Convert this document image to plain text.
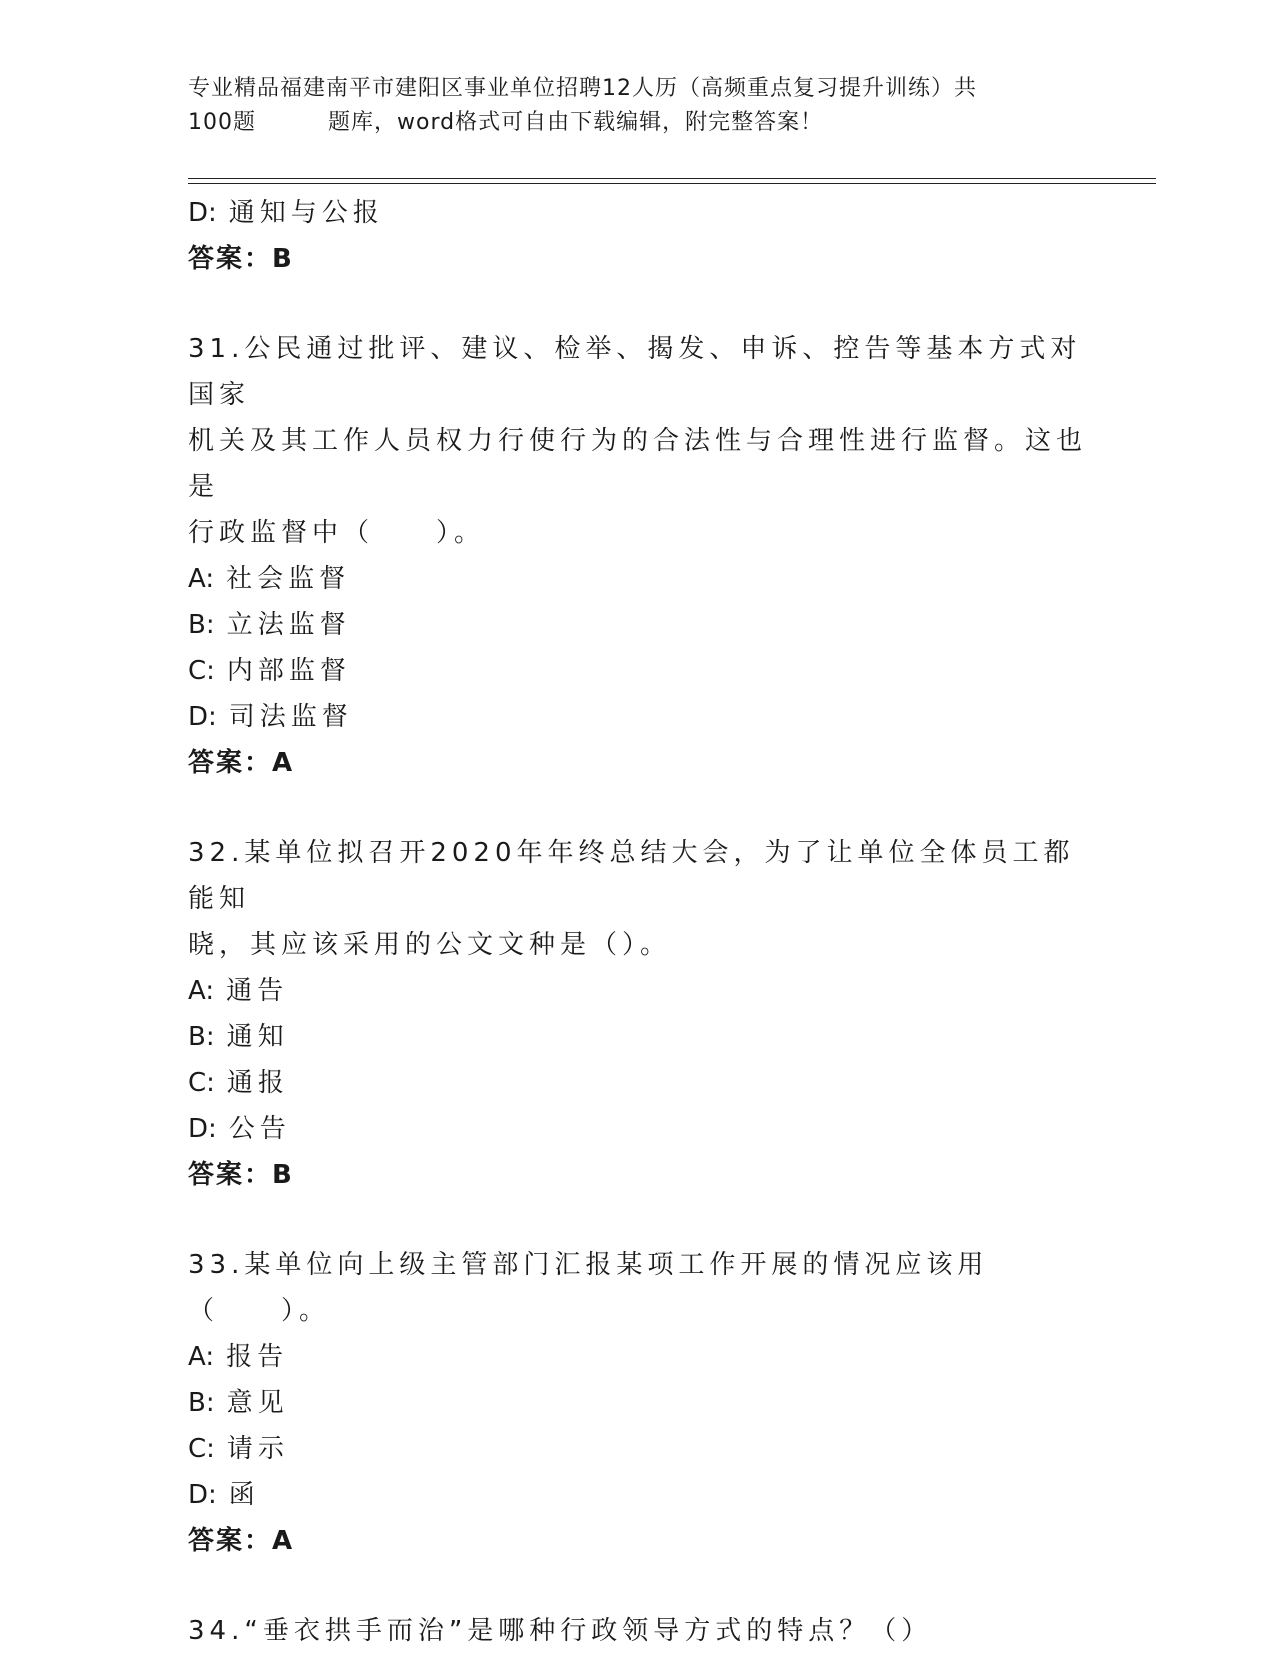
专业精品福建南平市建阳区事业单位招聘12人历（高频重点复习提升训练）共
100题	题库，word格式可自由下载编辑，附完整答案！
D: 通知与公报
答案：B
31.公民通过批评、建议、检举、揭发、申诉、控告等基本方式对国家
机关及其工作人员权力行使行为的合法性与合理性进行监督。这也是
行政监督中（　　）。
A: 社会监督
B: 立法监督
C: 内部监督
D: 司法监督
答案：A
32.某单位拟召开2020年年终总结大会，为了让单位全体员工都能知
晓，其应该采用的公文文种是（）。
A: 通告
B: 通知
C: 通报
D: 公告
答案：B
33.某单位向上级主管部门汇报某项工作开展的情况应该用（　　）。
A: 报告
B: 意见
C: 请示
D: 函
答案：A
34.“垂衣拱手而治”是哪种行政领导方式的特点？（）
